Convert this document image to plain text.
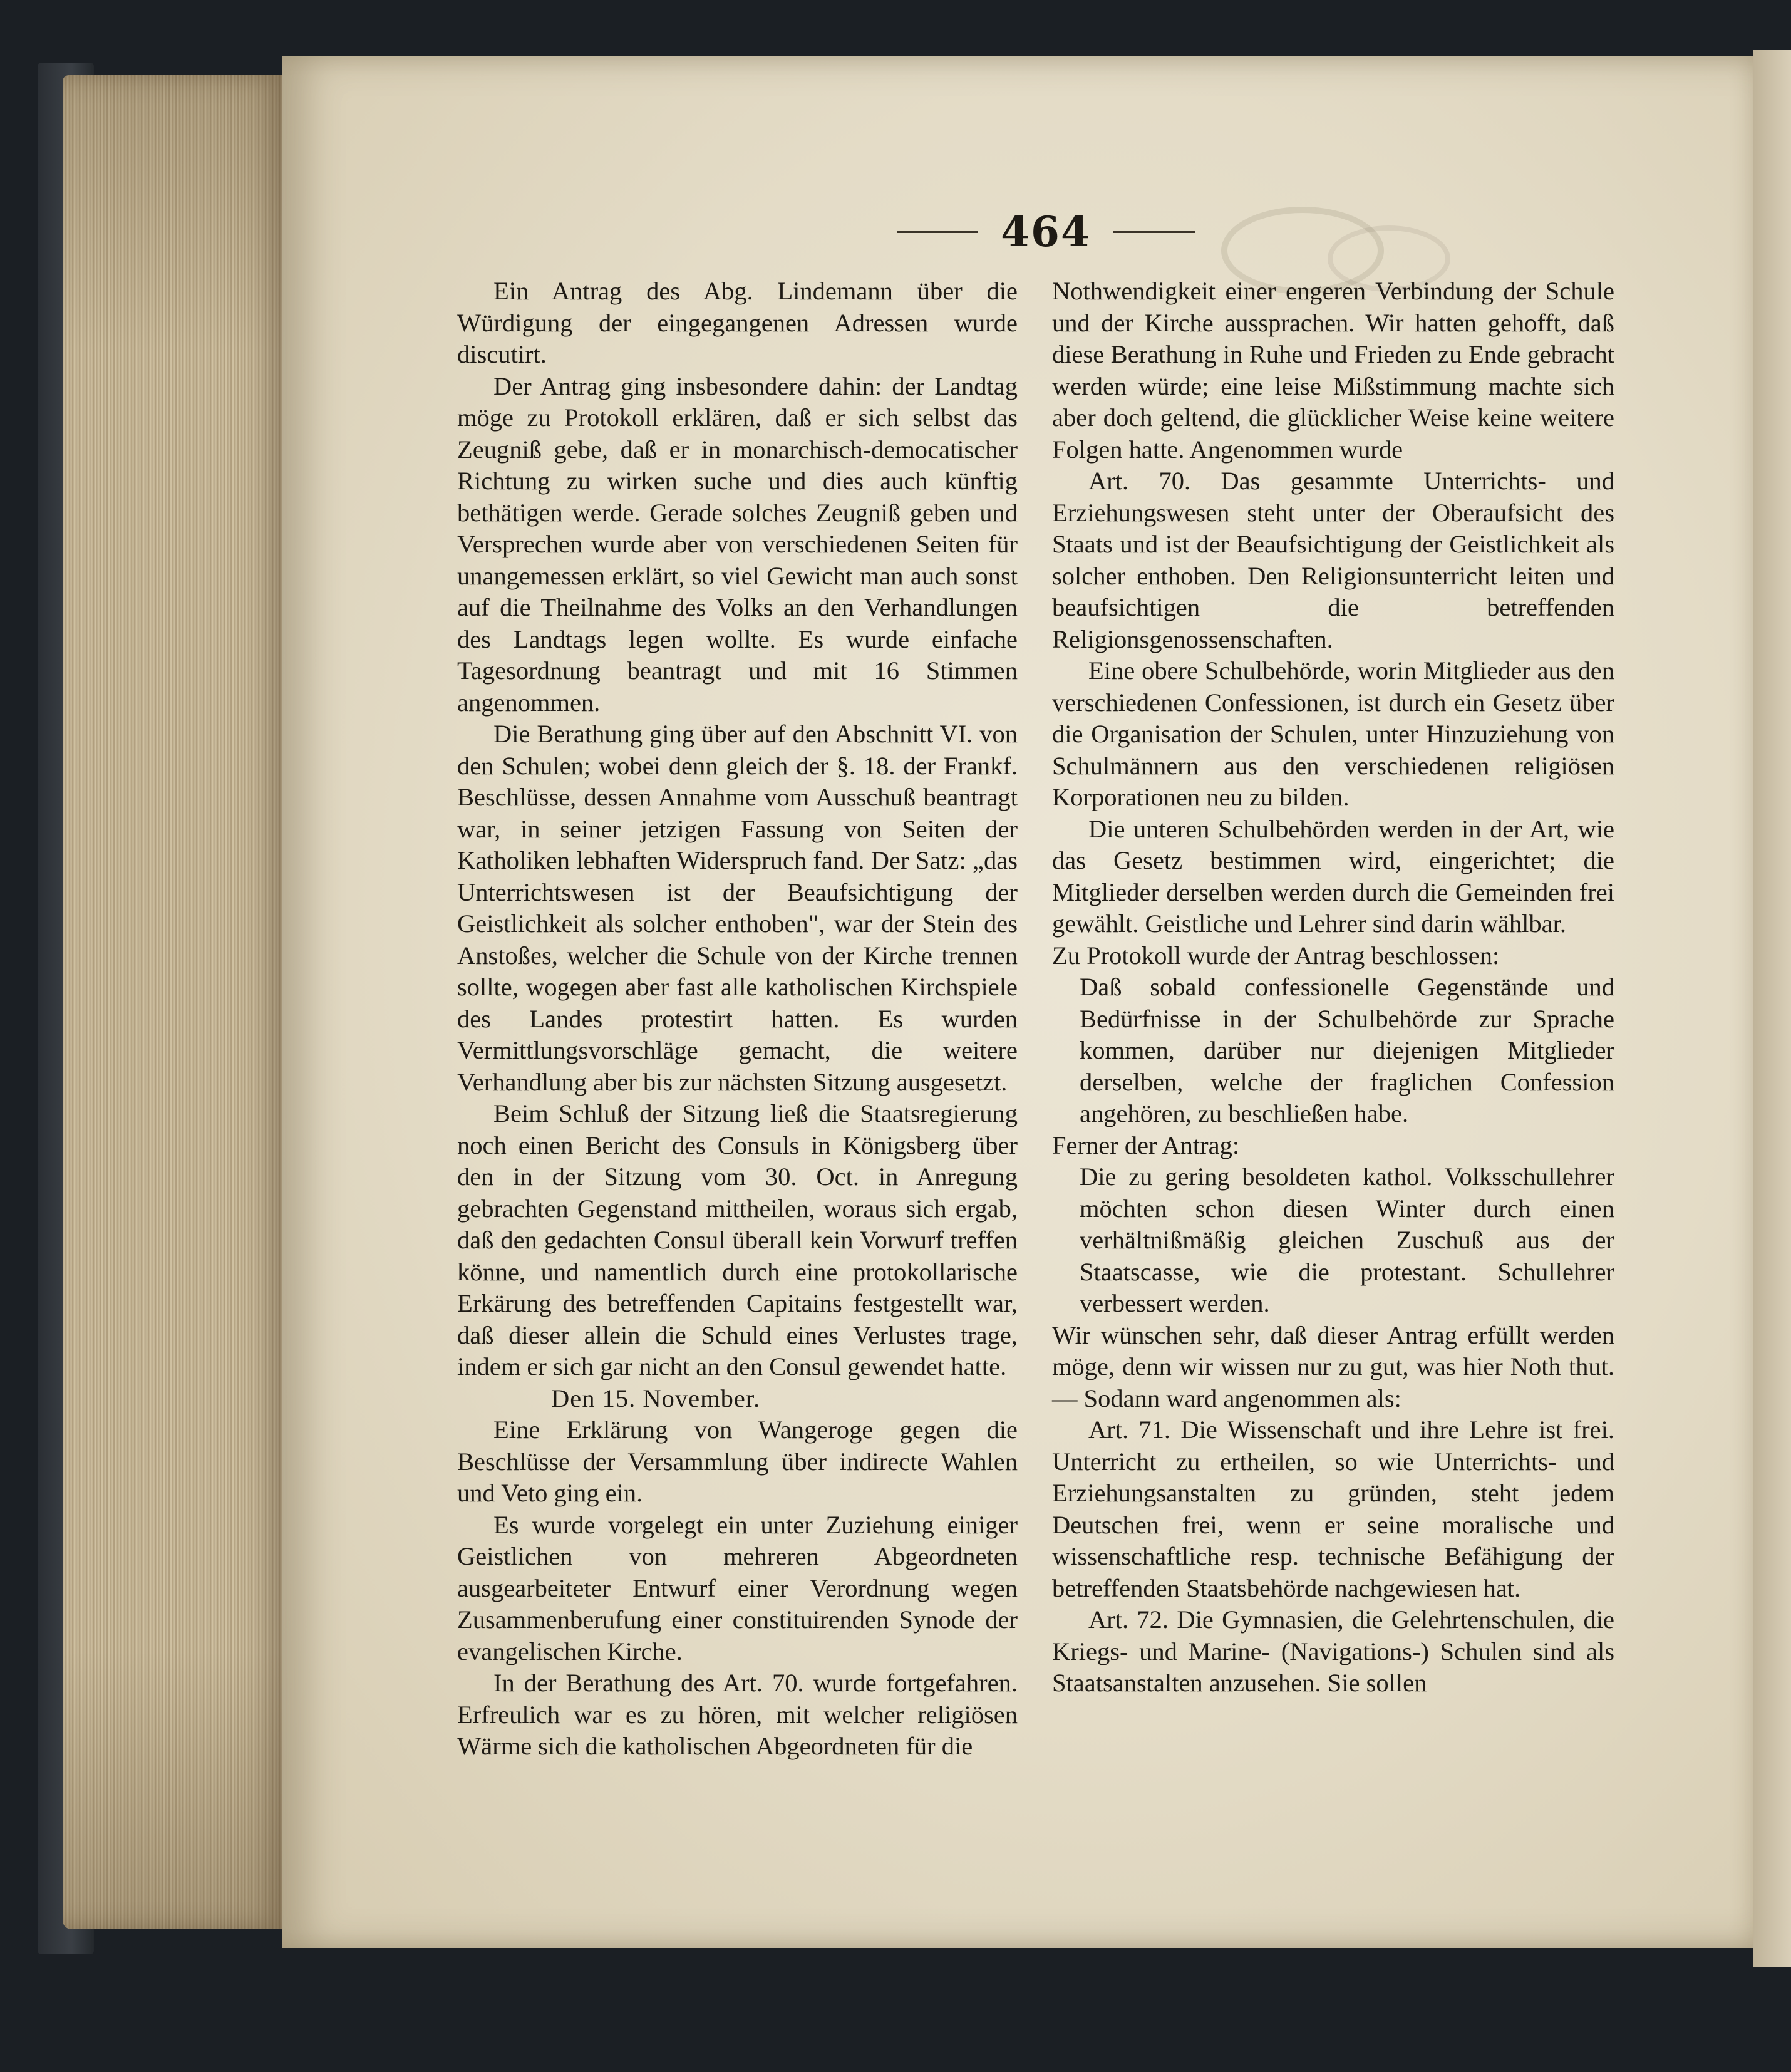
464

Ein Antrag des Abg. Lindemann über die Würdigung der eingegangenen Adressen wurde discutirt.

Der Antrag ging insbesondere dahin: der Landtag möge zu Protokoll erklären, daß er sich selbst das Zeugniß gebe, daß er in monarchisch-democatischer Richtung zu wirken suche und dies auch künftig bethätigen werde. Gerade solches Zeugniß geben und Versprechen wurde aber von verschiedenen Seiten für unangemessen erklärt, so viel Gewicht man auch sonst auf die Theilnahme des Volks an den Verhandlungen des Landtags legen wollte. Es wurde einfache Tagesordnung beantragt und mit 16 Stimmen angenommen.

Die Berathung ging über auf den Abschnitt VI. von den Schulen; wobei denn gleich der §. 18. der Frankf. Beschlüsse, dessen Annahme vom Ausschuß beantragt war, in seiner jetzigen Fassung von Seiten der Katholiken lebhaften Widerspruch fand. Der Satz: „das Unterrichtswesen ist der Beaufsichtigung der Geistlichkeit als solcher enthoben", war der Stein des Anstoßes, welcher die Schule von der Kirche trennen sollte, wogegen aber fast alle katholischen Kirchspiele des Landes protestirt hatten. Es wurden Vermittlungsvorschläge gemacht, die weitere Verhandlung aber bis zur nächsten Sitzung ausgesetzt.

Beim Schluß der Sitzung ließ die Staatsregierung noch einen Bericht des Consuls in Königsberg über den in der Sitzung vom 30. Oct. in Anregung gebrachten Gegenstand mittheilen, woraus sich ergab, daß den gedachten Consul überall kein Vorwurf treffen könne, und namentlich durch eine protokollarische Erkärung des betreffenden Capitains festgestellt war, daß dieser allein die Schuld eines Verlustes trage, indem er sich gar nicht an den Consul gewendet hatte.

Den 15. November.

Eine Erklärung von Wangeroge gegen die Beschlüsse der Versammlung über indirecte Wahlen und Veto ging ein.

Es wurde vorgelegt ein unter Zuziehung einiger Geistlichen von mehreren Abgeordneten ausgearbeiteter Entwurf einer Verordnung wegen Zusammenberufung einer constituirenden Synode der evangelischen Kirche.

In der Berathung des Art. 70. wurde fortgefahren. Erfreulich war es zu hören, mit welcher religiösen Wärme sich die katholischen Abgeordneten für die

Nothwendigkeit einer engeren Verbindung der Schule und der Kirche aussprachen. Wir hatten gehofft, daß diese Berathung in Ruhe und Frieden zu Ende gebracht werden würde; eine leise Mißstimmung machte sich aber doch geltend, die glücklicher Weise keine weitere Folgen hatte. Angenommen wurde

Art. 70. Das gesammte Unterrichts- und Erziehungswesen steht unter der Oberaufsicht des Staats und ist der Beaufsichtigung der Geistlichkeit als solcher enthoben. Den Religionsunterricht leiten und beaufsichtigen die betreffenden Religionsgenossenschaften.

Eine obere Schulbehörde, worin Mitglieder aus den verschiedenen Confessionen, ist durch ein Gesetz über die Organisation der Schulen, unter Hinzuziehung von Schulmännern aus den verschiedenen religiösen Korporationen neu zu bilden.

Die unteren Schulbehörden werden in der Art, wie das Gesetz bestimmen wird, eingerichtet; die Mitglieder derselben werden durch die Gemeinden frei gewählt. Geistliche und Lehrer sind darin wählbar.

Zu Protokoll wurde der Antrag beschlossen:

Daß sobald confessionelle Gegenstände und Bedürfnisse in der Schulbehörde zur Sprache kommen, darüber nur diejenigen Mitglieder derselben, welche der fraglichen Confession angehören, zu beschließen habe.

Ferner der Antrag:

Die zu gering besoldeten kathol. Volksschullehrer möchten schon diesen Winter durch einen verhältnißmäßig gleichen Zuschuß aus der Staatscasse, wie die protestant. Schullehrer verbessert werden.

Wir wünschen sehr, daß dieser Antrag erfüllt werden möge, denn wir wissen nur zu gut, was hier Noth thut. — Sodann ward angenommen als:

Art. 71. Die Wissenschaft und ihre Lehre ist frei. Unterricht zu ertheilen, so wie Unterrichts- und Erziehungsanstalten zu gründen, steht jedem Deutschen frei, wenn er seine moralische und wissenschaftliche resp. technische Befähigung der betreffenden Staatsbehörde nachgewiesen hat.

Art. 72. Die Gymnasien, die Gelehrtenschulen, die Kriegs- und Marine- (Navigations-) Schulen sind als Staatsanstalten anzusehen. Sie sollen
